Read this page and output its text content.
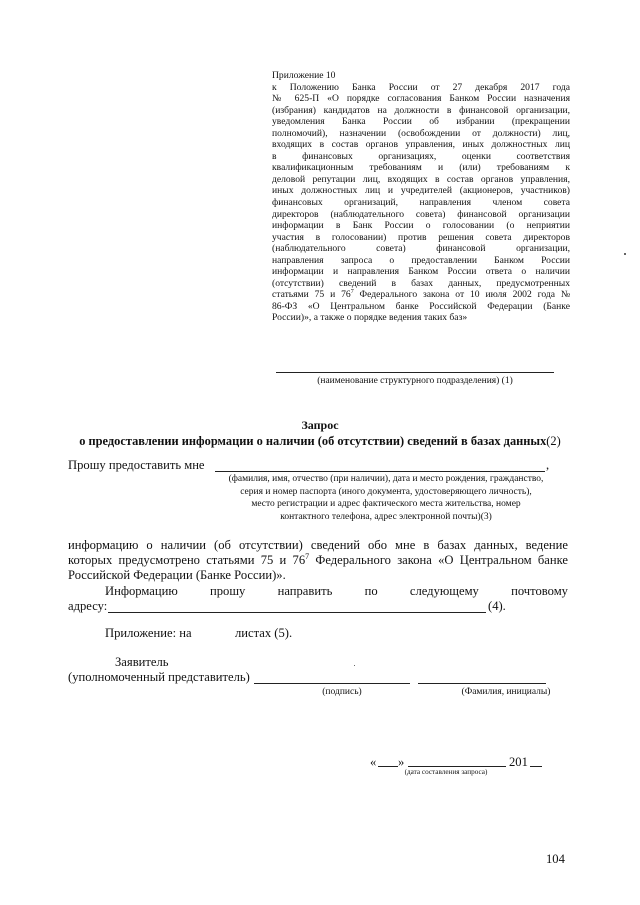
Приложение 10
к Положению Банка России от 27 декабря 2017 года
№ 625-П «О порядке согласования Банком России назначения
(избрания) кандидатов на должности в финансовой организации,
уведомления Банка России об избрании (прекращении
полномочий), назначении (освобождении от должности) лиц,
входящих в состав органов управления, иных должностных лиц
в финансовых организациях, оценки соответствия
квалификационным требованиям и (или) требованиям к
деловой репутации лиц, входящих в состав органов управления,
иных должностных лиц и учредителей (акционеров, участников)
финансовых организаций, направления членом совета
директоров (наблюдательного совета) финансовой организации
информации в Банк России о голосовании (о неприятии
участия в голосовании) против решения совета директоров
(наблюдательного совета) финансовой организации,
направления запроса о предоставлении Банком России
информации и направления Банком России ответа о наличии
(отсутствии) сведений в базах данных, предусмотренных
статьями 75 и $76^7$ Федерального закона от 10 июля 2002 года №
86-ФЗ «О Центральном банке Российской Федерации (Банке
России)», а также о порядке ведения таких баз»
(наименование структурного подразделения) (1)
Запрос
о предоставлении информации о наличии (об отсутствии) сведений в базах данных(2)
Прошу предоставить мне	,
(фамилия, имя, отчество (при наличии), дата и место рождения, гражданство,
серия и номер паспорта (иного документа, удостоверяющего личность),
место регистрации и адрес фактического места жительства, номер
контактного телефона, адрес электронной почты)(3)
информацию о наличии (об отсутствии) сведений обо мне в базах данных, ведение
которых предусмотрено статьями 75 и $76^7$ Федерального закона «О Центральном банке
Российской Федерации (Банке России)».
Информацию	прошу	направить	по	следующему	почтовому
адресу:	(4).
Приложение: на	листах (5).
Заявитель
(уполномоченный представитель)
(подпись)	(Фамилия, инициалы)
« »	201
(дата составления запроса)
104
